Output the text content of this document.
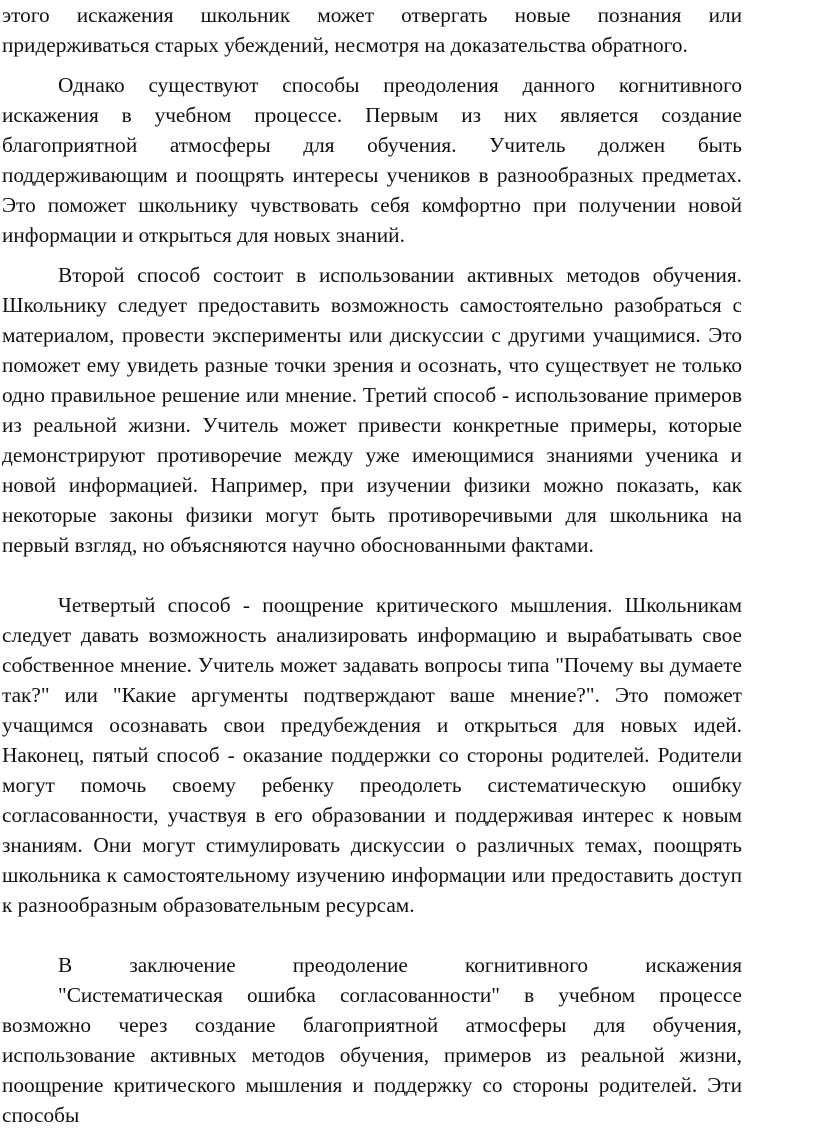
этого искажения школьник может отвергать новые познания или придерживаться старых убеждений, несмотря на доказательства обратного.

Однако существуют способы преодоления данного когнитивного искажения в учебном процессе. Первым из них является создание благоприятной атмосферы для обучения. Учитель должен быть поддерживающим и поощрять интересы учеников в разнообразных предметах. Это поможет школьнику чувствовать себя комфортно при получении новой информации и открыться для новых знаний.

Второй способ состоит в использовании активных методов обучения. Школьнику следует предоставить возможность самостоятельно разобраться с материалом, провести эксперименты или дискуссии с другими учащимися. Это поможет ему увидеть разные точки зрения и осознать, что существует не только одно правильное решение или мнение. Третий способ - использование примеров из реальной жизни. Учитель может привести конкретные примеры, которые демонстрируют противоречие между уже имеющимися знаниями ученика и новой информацией. Например, при изучении физики можно показать, как некоторые законы физики могут быть противоречивыми для школьника на первый взгляд, но объясняются научно обоснованными фактами.

Четвертый способ - поощрение критического мышления. Школьникам следует давать возможность анализировать информацию и вырабатывать свое собственное мнение. Учитель может задавать вопросы типа "Почему вы думаете так?" или "Какие аргументы подтверждают ваше мнение?". Это поможет учащимся осознавать свои предубеждения и открыться для новых идей. Наконец, пятый способ - оказание поддержки со стороны родителей. Родители могут помочь своему ребенку преодолеть систематическую ошибку согласованности, участвуя в его образовании и поддерживая интерес к новым знаниям. Они могут стимулировать дискуссии о различных темах, поощрять школьника к самостоятельному изучению информации или предоставить доступ к разнообразным образовательным ресурсам.

В заключение преодоление когнитивного искажения

"Систематическая ошибка согласованности" в учебном процессе возможно через создание благоприятной атмосферы для обучения, использование активных методов обучения, примеров из реальной жизни, поощрение критического мышления и поддержку со стороны родителей. Эти способы
